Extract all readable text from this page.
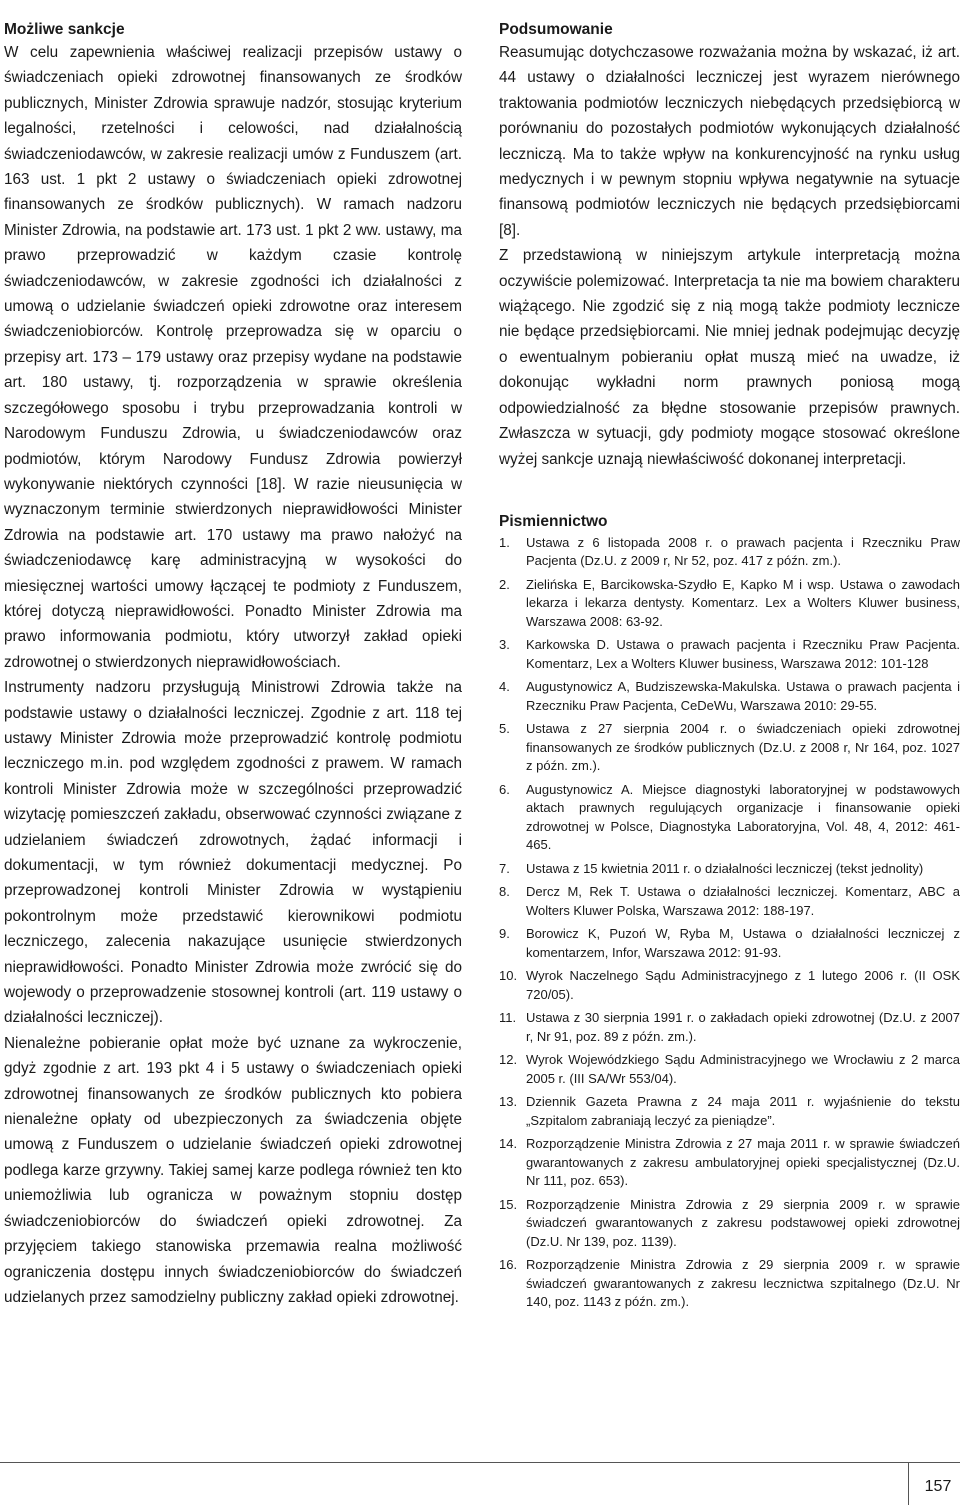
Możliwe sankcje

W celu zapewnienia właściwej realizacji przepisów ustawy o świadczeniach opieki zdrowotnej finansowanych ze środków publicznych, Minister Zdrowia sprawuje nadzór, stosując kryterium legalności, rzetelności i celowości, nad działalnością świadczeniodawców, w zakresie realizacji umów z Funduszem (art. 163 ust. 1 pkt 2 ustawy o świadczeniach opieki zdrowotnej finansowanych ze środków publicznych). W ramach nadzoru Minister Zdrowia, na podstawie art. 173 ust. 1 pkt 2 ww. ustawy, ma prawo przeprowadzić w każdym czasie kontrolę świadczeniodawców, w zakresie zgodności ich działalności z umową o udzielanie świadczeń opieki zdrowotne oraz interesem świadczeniobiorców. Kontrolę przeprowadza się w oparciu o przepisy art. 173 – 179 ustawy oraz przepisy wydane na podstawie art. 180 ustawy, tj. rozporządzenia w sprawie określenia szczegółowego sposobu i trybu przeprowadzania kontroli w Narodowym Funduszu Zdrowia, u świadczeniodawców oraz podmiotów, którym Narodowy Fundusz Zdrowia powierzył wykonywanie niektórych czynności [18]. W razie nieusunięcia w wyznaczonym terminie stwierdzonych nieprawidłowości Minister Zdrowia na podstawie art. 170 ustawy ma prawo nałożyć na świadczeniodawcę karę administracyjną w wysokości do miesięcznej wartości umowy łączącej te podmioty z Funduszem, której dotyczą nieprawidłowości. Ponadto Minister Zdrowia ma prawo informowania podmiotu, który utworzył zakład opieki zdrowotnej o stwierdzonych nieprawidłowościach.

Instrumenty nadzoru przysługują Ministrowi Zdrowia także na podstawie ustawy o działalności leczniczej. Zgodnie z art. 118 tej ustawy Minister Zdrowia może przeprowadzić kontrolę podmiotu leczniczego m.in. pod względem zgodności z prawem. W ramach kontroli Minister Zdrowia może w szczególności przeprowadzić wizytację pomieszczeń zakładu, obserwować czynności związane z udzielaniem świadczeń zdrowotnych, żądać informacji i dokumentacji, w tym również dokumentacji medycznej. Po przeprowadzonej kontroli Minister Zdrowia w wystąpieniu pokontrolnym może przedstawić kierownikowi podmiotu leczniczego, zalecenia nakazujące usunięcie stwierdzonych nieprawidłowości. Ponadto Minister Zdrowia może zwrócić się do wojewody o przeprowadzenie stosownej kontroli (art. 119 ustawy o działalności leczniczej).

Nienależne pobieranie opłat może być uznane za wykroczenie, gdyż zgodnie z art. 193 pkt 4 i 5 ustawy o świadczeniach opieki zdrowotnej finansowanych ze środków publicznych kto pobiera nienależne opłaty od ubezpieczonych za świadczenia objęte umową z Funduszem o udzielanie świadczeń opieki zdrowotnej podlega karze grzywny. Takiej samej karze podlega również ten kto uniemożliwia lub ogranicza w poważnym stopniu dostęp świadczeniobiorców do świadczeń opieki zdrowotnej. Za przyjęciem takiego stanowiska przemawia realna możliwość ograniczenia dostępu innych świadczeniobiorców do świadczeń udzielanych przez samodzielny publiczny zakład opieki zdrowotnej.

Podsumowanie

Reasumując dotychczasowe rozważania można by wskazać, iż art. 44 ustawy o działalności leczniczej jest wyrazem nierównego traktowania podmiotów leczniczych niebędących przedsiębiorcą w porównaniu do pozostałych podmiotów wykonujących działalność leczniczą. Ma to także wpływ na konkurencyjność na rynku usług medycznych i w pewnym stopniu wpływa negatywnie na sytuacje finansową podmiotów leczniczych nie będących przedsiębiorcami [8].

Z przedstawioną w niniejszym artykule interpretacją można oczywiście polemizować. Interpretacja ta nie ma bowiem charakteru wiążącego. Nie zgodzić się z nią mogą także podmioty lecznicze nie będące przedsiębiorcami. Nie mniej jednak podejmując decyzję o ewentualnym pobieraniu opłat muszą mieć na uwadze, iż dokonując wykładni norm prawnych poniosą mogą odpowiedzialność za błędne stosowanie przepisów prawnych. Zwłaszcza w sytuacji, gdy podmioty mogące stosować określone wyżej sankcje uznają niewłaściwość dokonanej interpretacji.

Pismiennictwo
1. Ustawa z 6 listopada 2008 r. o prawach pacjenta i Rzeczniku Praw Pacjenta (Dz.U. z 2009 r, Nr 52, poz. 417 z późn. zm.).
2. Zielińska E, Barcikowska-Szydło E, Kapko M i wsp. Ustawa o zawodach lekarza i lekarza dentysty. Komentarz. Lex a Wolters Kluwer business, Warszawa 2008: 63-92.
3. Karkowska D. Ustawa o prawach pacjenta i Rzeczniku Praw Pacjenta. Komentarz, Lex a Wolters Kluwer business, Warszawa 2012: 101-128
4. Augustynowicz A, Budziszewska-Makulska. Ustawa o prawach pacjenta i Rzeczniku Praw Pacjenta, CeDeWu, Warszawa 2010: 29-55.
5. Ustawa z 27 sierpnia 2004 r. o świadczeniach opieki zdrowotnej finansowanych ze środków publicznych (Dz.U. z 2008 r, Nr 164, poz. 1027 z późn. zm.).
6. Augustynowicz A. Miejsce diagnostyki laboratoryjnej w podstawowych aktach prawnych regulujących organizacje i finansowanie opieki zdrowotnej w Polsce, Diagnostyka Laboratoryjna, Vol. 48, 4, 2012: 461-465.
7. Ustawa z 15 kwietnia 2011 r. o działalności leczniczej (tekst jednolity)
8. Dercz M, Rek T. Ustawa o działalności leczniczej. Komentarz, ABC a Wolters Kluwer Polska, Warszawa 2012: 188-197.
9. Borowicz K, Puzoń W, Ryba M, Ustawa o działalności leczniczej z komentarzem, Infor, Warszawa 2012: 91-93.
10. Wyrok Naczelnego Sądu Administracyjnego z 1 lutego 2006 r. (II OSK 720/05).
11. Ustawa z 30 sierpnia 1991 r. o zakładach opieki zdrowotnej (Dz.U. z 2007 r, Nr 91, poz. 89 z późn. zm.).
12. Wyrok Wojewódzkiego Sądu Administracyjnego we Wrocławiu z 2 marca 2005 r. (III SA/Wr 553/04).
13. Dziennik Gazeta Prawna z 24 maja 2011 r. wyjaśnienie do tekstu „Szpitalom zabraniają leczyć za pieniądze”.
14. Rozporządzenie Ministra Zdrowia z 27 maja 2011 r. w sprawie świadczeń gwarantowanych z zakresu ambulatoryjnej opieki specjalistycznej (Dz.U. Nr 111, poz. 653).
15. Rozporządzenie Ministra Zdrowia z 29 sierpnia 2009 r. w sprawie świadczeń gwarantowanych z zakresu podstawowej opieki zdrowotnej (Dz.U. Nr 139, poz. 1139).
16. Rozporządzenie Ministra Zdrowia z 29 sierpnia 2009 r. w sprawie świadczeń gwarantowanych z zakresu lecznictwa szpitalnego (Dz.U. Nr 140, poz. 1143 z późn. zm.).
157
